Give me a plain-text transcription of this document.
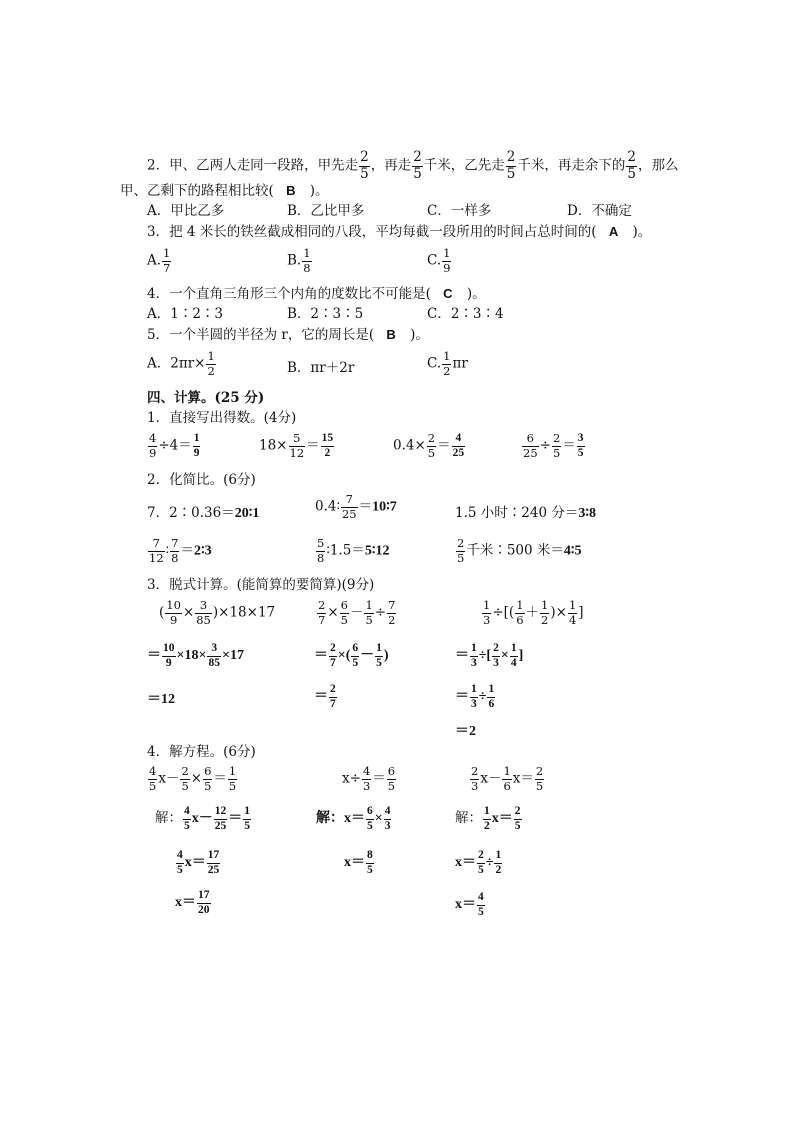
2．甲、乙两人走同一段路，甲先走 $\frac{2}{5}$ ，再走 $\frac{2}{5}$ 千米，乙先走 $\frac{2}{5}$ 千米，再走余下的 $\frac{2}{5}$ ，那么
甲、乙剩下的路程相比较( B )。
A．甲比乙多	B．乙比甲多	C．一样多	D．不确定
3．把 4 米长的铁丝截成相同的八段，平均每截一段所用的时间占总时间的( A )。
A. $\frac{1}{7}$	B. $\frac{1}{8}$	C. $\frac{1}{9}$
4．一个直角三角形三个内角的度数比不可能是( C )。
A．1∶2∶3	B．2∶3∶5	C．2∶3∶4
5．一个半圆的半径为 r，它的周长是( B )。
A．$2\pi r\times \frac{1}{2}$	B．πr＋2r	C. $\frac{1}{2}$ πr
四、计算。(25 分)
1．直接写出得数。(4分)
$\frac{4}{9} \div 4= \frac{1}{9}$	$18\times \frac{5}{12} = \frac{15}{2}$	$0.4\times \frac{2}{5} = \frac{4}{25}$	$\frac{6}{25} \div \frac{2}{5} = \frac{3}{5}$
2．化简比。(6分)
7．2∶0.36＝20∶1	0.4∶ $\frac{7}{25}$ ＝10∶7	1.5 小时∶240 分＝3∶8
$\frac{7}{12}$ ∶ $\frac{7}{8}$ ＝2∶3	$\frac{5}{8}$ ∶1.5＝5∶12	$\frac{2}{5}$ 千米∶500 米＝4∶5
3．脱式计算。(能简算的要简算)(9分)
( $\frac{10}{9} \times \frac{3}{85} )\times 18\times 17$
＝ $\frac{10}{9} \times 18\times \frac{3}{85} \times 17$
＝12
$\frac{2}{7} \times \frac{6}{5} - \frac{1}{5} \div \frac{7}{2}$
＝ $\frac{2}{7}$ ×( $\frac{6}{5} - \frac{1}{5}$ )
＝ $\frac{2}{7}$
$\frac{1}{3}$ ÷[( $\frac{1}{6} + \frac{1}{2}$ )× $\frac{1}{4}$ ]
＝ $\frac{1}{3}$ ÷[ $\frac{2}{3} \times \frac{1}{4}$ ]
＝ $\frac{1}{3} \div \frac{1}{6}$
＝2
4．解方程。(6分)
$\frac{4}{5} x- \frac{2}{5} \times \frac{6}{5} = \frac{1}{5}$
解： $\frac{4}{5} x- \frac{12}{25} = \frac{1}{5}$
$\frac{4}{5} x= \frac{17}{25}$
$x= \frac{17}{20}$
$x\div \frac{4}{3} = \frac{6}{5}$
解：$x= \frac{6}{5} \times \frac{4}{3}$
$x= \frac{8}{5}$
$\frac{2}{3} x- \frac{1}{6} x= \frac{2}{5}$
解： $\frac{1}{2} x= \frac{2}{5}$
$x= \frac{2}{5} \div \frac{1}{2}$
$x= \frac{4}{5}$
